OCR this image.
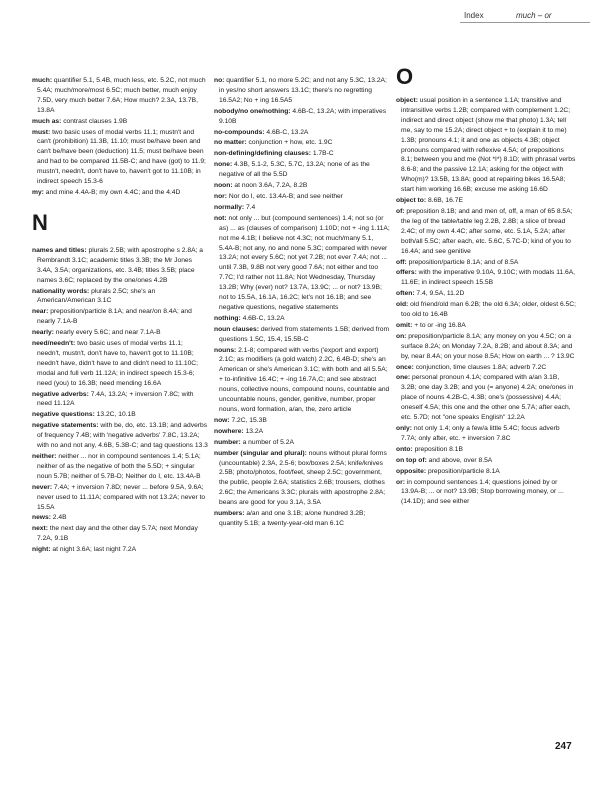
Index	much – or
much: quantifier 5.1, 5.4B, much less, etc. 5.2C, not much 5.4A; much/more/most 6.5C; much better, much enjoy 7.5D, very much better 7.6A; How much? 2.3A, 13.7B, 13.8A
much as: contrast clauses 1.9B
must: two basic uses of modal verbs 11.1; mustn't and can't (prohibition) 11.3B, 11.10; must be/have been and can't be/have been (deduction) 11.5; must be/have been and had to be compared 11.5B-C; and have (got) to 11.9; mustn't, needn't, don't have to, haven't got to 11.10B; in indirect speech 15.3-6
my: and mine 4.4A-B; my own 4.4C; and the 4.4D
N
names and titles: plurals 2.5B; with apostrophe s 2.8A; a Rembrandt 3.1C; academic titles 3.3B; the Mr Jones 3.4A, 3.5A; organizations, etc. 3.4B; titles 3.5B; place names 3.6C; replaced by the one/ones 4.2B
nationality words: plurals 2.5C; she's an American/American 3.1C
near: preposition/particle 8.1A; and near/on 8.4A; and nearly 7.1A-B
nearly: nearly every 5.6C; and near 7.1A-B
need/needn't: two basic uses of modal verbs 11.1; needn't, mustn't, don't have to, haven't got to 11.10B; needn't have, didn't have to and didn't need to 11.10C; modal and full verb 11.12A; in indirect speech 15.3-6; need (you) to 16.3B; need mending 16.6A
negative adverbs: 7.4A, 13.2A; + inversion 7.8C; with need 11.12A
negative questions: 13.2C, 10.1B
negative statements: with be, do, etc. 13.1B; and adverbs of frequency 7.4B; with 'negative adverbs' 7.8C, 13.2A; with no and not any, 4.6B, 5.3B-C; and tag questions 13.3
neither: neither ... nor in compound sentences 1.4; 5.1A; neither of as the negative of both the 5.5D; + singular noun 5.7B; neither of 5.7B-D; Neither do I, etc. 13.4A-B
never: 7.4A; + inversion 7.8D; never ... before 9.5A, 9.6A; never used to 11.11A; compared with not 13.2A; never to 15.5A
news: 2.4B
next: the next day and the other day 5.7A; next Monday 7.2A, 9.1B
night: at night 3.6A; last night 7.2A
no: quantifier 5.1, no more 5.2C; and not any 5.3C, 13.2A; in yes/no short answers 13.1C; there's no regretting 16.5A2; No + ing 16.5A5
nobody/no one/nothing: 4.6B-C, 13.2A; with imperatives 9.10B
no-compounds: 4.6B-C, 13.2A
no matter: conjunction + how, etc. 1.9C
non-defining/defining clauses: 1.7B-C
none: 4.3B, 5.1-2, 5.3C, 5.7C, 13.2A; none of as the negative of all the 5.5D
noon: at noon 3.6A, 7.2A, 8.2B
nor: Nor do I, etc. 13.4A-B; and see neither
normally: 7.4
not: not only ... but (compound sentences) 1.4; not so (or as) ... as (clauses of comparison) 1.10D; not + -ing 1.11A; not me 4.1B; I believe not 4.3C; not much/many 5.1, 5.4A-B; not any, no and none 5.3C; compared with never 13.2A; not every 5.6C; not yet 7.2B; not ever 7.4A; not ... until 7.3B, 9.8B not very good 7.6A; not either and too 7.7C; I'd rather not 11.8A; Not Wednesday, Thursday 13.2B; Why (ever) not? 13.7A, 13.9C; ... or not? 13.9B; not to 15.5A, 16.1A, 16.2C; let's not 16.1B; and see negative questions, negative statements
nothing: 4.6B-C, 13.2A
noun clauses: derived from statements 1.5B; derived from questions 1.5C, 15.4, 15.5B-C
nouns: 2.1-8; compared with verbs ('export and export) 2.1C; as modifiers (a gold watch) 2.2C, 6.4B-D; she's an American or she's American 3.1C; with both and all 5.5A; + to-infinitive 16.4C; + -ing 16.7A,C; and see abstract nouns, collective nouns, compound nouns, countable and uncountable nouns, gender, genitive, number, proper nouns, word formation, a/an, the, zero article
now: 7.2C, 15.3B
nowhere: 13.2A
number: a number of 5.2A
number (singular and plural): nouns without plural forms (uncountable) 2.3A, 2.5-6; box/boxes 2.5A; knife/knives 2.5B; photo/photos, foot/feet, sheep 2.5C; government, the public, people 2.6A; statistics 2.6B; trousers, clothes 2.6C; the Americans 3.3C; plurals with apostrophe 2.8A; beans are good for you 3.1A, 3.5A
numbers: a/an and one 3.1B; a/one hundred 3.2B; quantity 5.1B; a twenty-year-old man 6.1C
O
object: usual position in a sentence 1.1A; transitive and intransitive verbs 1.2B; compared with complement 1.2C; indirect and direct object (show me that photo) 1.3A; tell me, say to me 15.2A; direct object + to (explain it to me) 1.3B; pronouns 4.1; it and one as objects 4.3B; object pronouns compared with reflexive 4.5A; of prepositions 8.1; between you and me (Not *I*) 8.1D; with phrasal verbs 8.6-8; and the passive 12.1A; asking for the object with Who(m)? 13.5B, 13.8A; good at repairing bikes 16.5A8; start him working 16.6B; excuse me asking 16.6D
object to: 8.6B, 16.7E
of: preposition 8.1B; and and men of, off, a man of 65 8.5A; the leg of the table/table leg 2.2B, 2.8B; a slice of bread 2.4C; of my own 4.4C; after some, etc. 5.1A, 5.2A; after both/all 5.5C; after each, etc. 5.6C, 5.7C-D; kind of you to 16.4A; and see genitive
off: preposition/particle 8.1A; and of 8.5A
offers: with the imperative 9.10A, 9.10C; with modals 11.6A, 11.6E; in indirect speech 15.5B
often: 7.4, 9.5A, 11.2D
old: old friend/old man 6.2B; the old 6.3A; older, oldest 6.5C; too old to 16.4B
omit: + to or -ing 16.8A
on: preposition/particle 8.1A; any money on you 4.5C; on a surface 8.2A; on Monday 7.2A, 8.2B; and about 8.3A; and by, near 8.4A; on your nose 8.5A; How on earth ... ? 13.9C
once: conjunction, time clauses 1.8A; adverb 7.2C
one: personal pronoun 4.1A; compared with a/an 3.1B, 3.2B; one day 3.2B; and you (= anyone) 4.2A; one/ones in place of nouns 4.2B-C, 4.3B; one's (possessive) 4.4A; oneself 4.5A; this one and the other one 5.7A; after each, etc. 5.7D; not "one speaks English" 12.2A
only: not only 1.4; only a few/a little 5.4C; focus adverb 7.7A; only after, etc. + inversion 7.8C
onto: preposition 8.1B
on top of: and above, over 8.5A
opposite: preposition/particle 8.1A
or: in compound sentences 1.4; questions joined by or 13.9A-B; ... or not? 13.9B; Stop borrowing money, or ... (14.1D); and see either
247
